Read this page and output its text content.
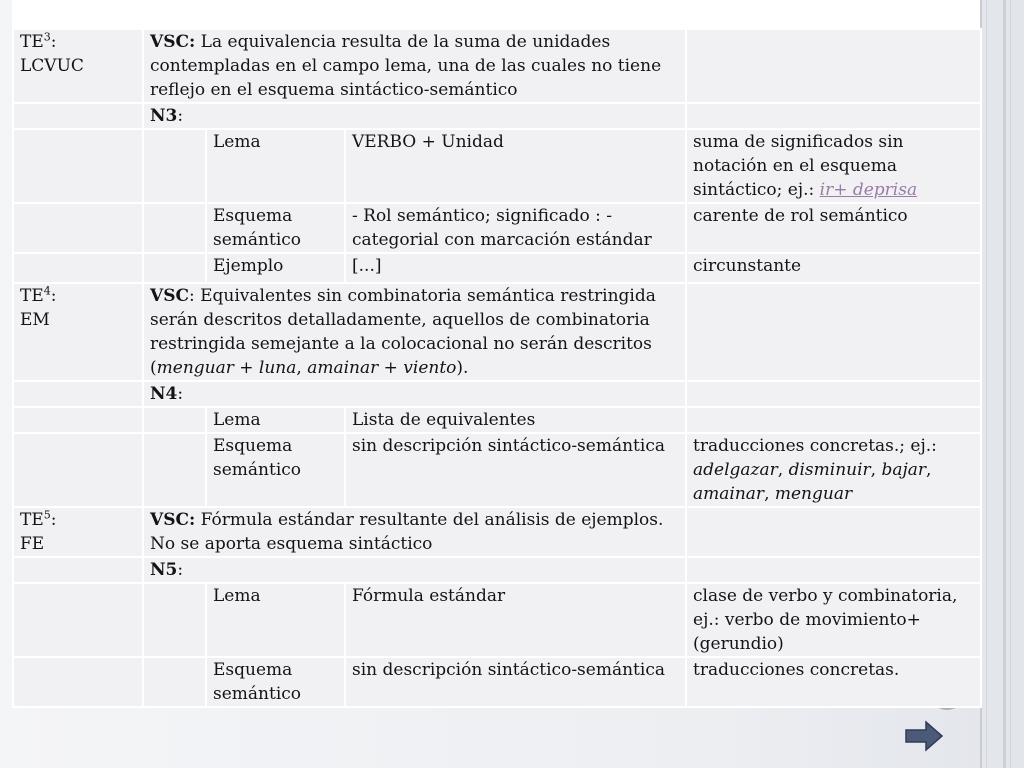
$TE^3$:
LCVUC	VSC: La equivalencia resulta de la suma de unidades contempladas en el campo lema, una de las cuales no tiene reflejo en el esquema sintáctico-semántico			
	N3:			
		Lema	VERBO + Unidad	suma de significados sin notación en el esquema sintáctico; ej.: ir+ deprisa
		Esquema semántico	- Rol semántico; significado : - categorial con marcación estándar	carente de rol semántico
		Ejemplo	[...]	circunstante
$TE^4$:
EM	VSC: Equivalentes sin combinatoria semántica restringida serán descritos detalladamente, aquellos de combinatoria restringida semejante a la colocacional no serán descritos (menguar + luna, amainar + viento).			
	N4:			
		Lema	Lista de equivalentes	
		Esquema semántico	sin descripción sintáctico-semántica	traducciones concretas.; ej.: adelgazar, disminuir, bajar, amainar, menguar
$TE^5$:
FE	VSC: Fórmula estándar resultante del análisis de ejemplos. No se aporta esquema sintáctico			
	N5:			
		Lema	Fórmula estándar	clase de verbo y combinatoria, ej.: verbo de movimiento+ (gerundio)
		Esquema semántico	sin descripción sintáctico-semántica	traducciones concretas.
